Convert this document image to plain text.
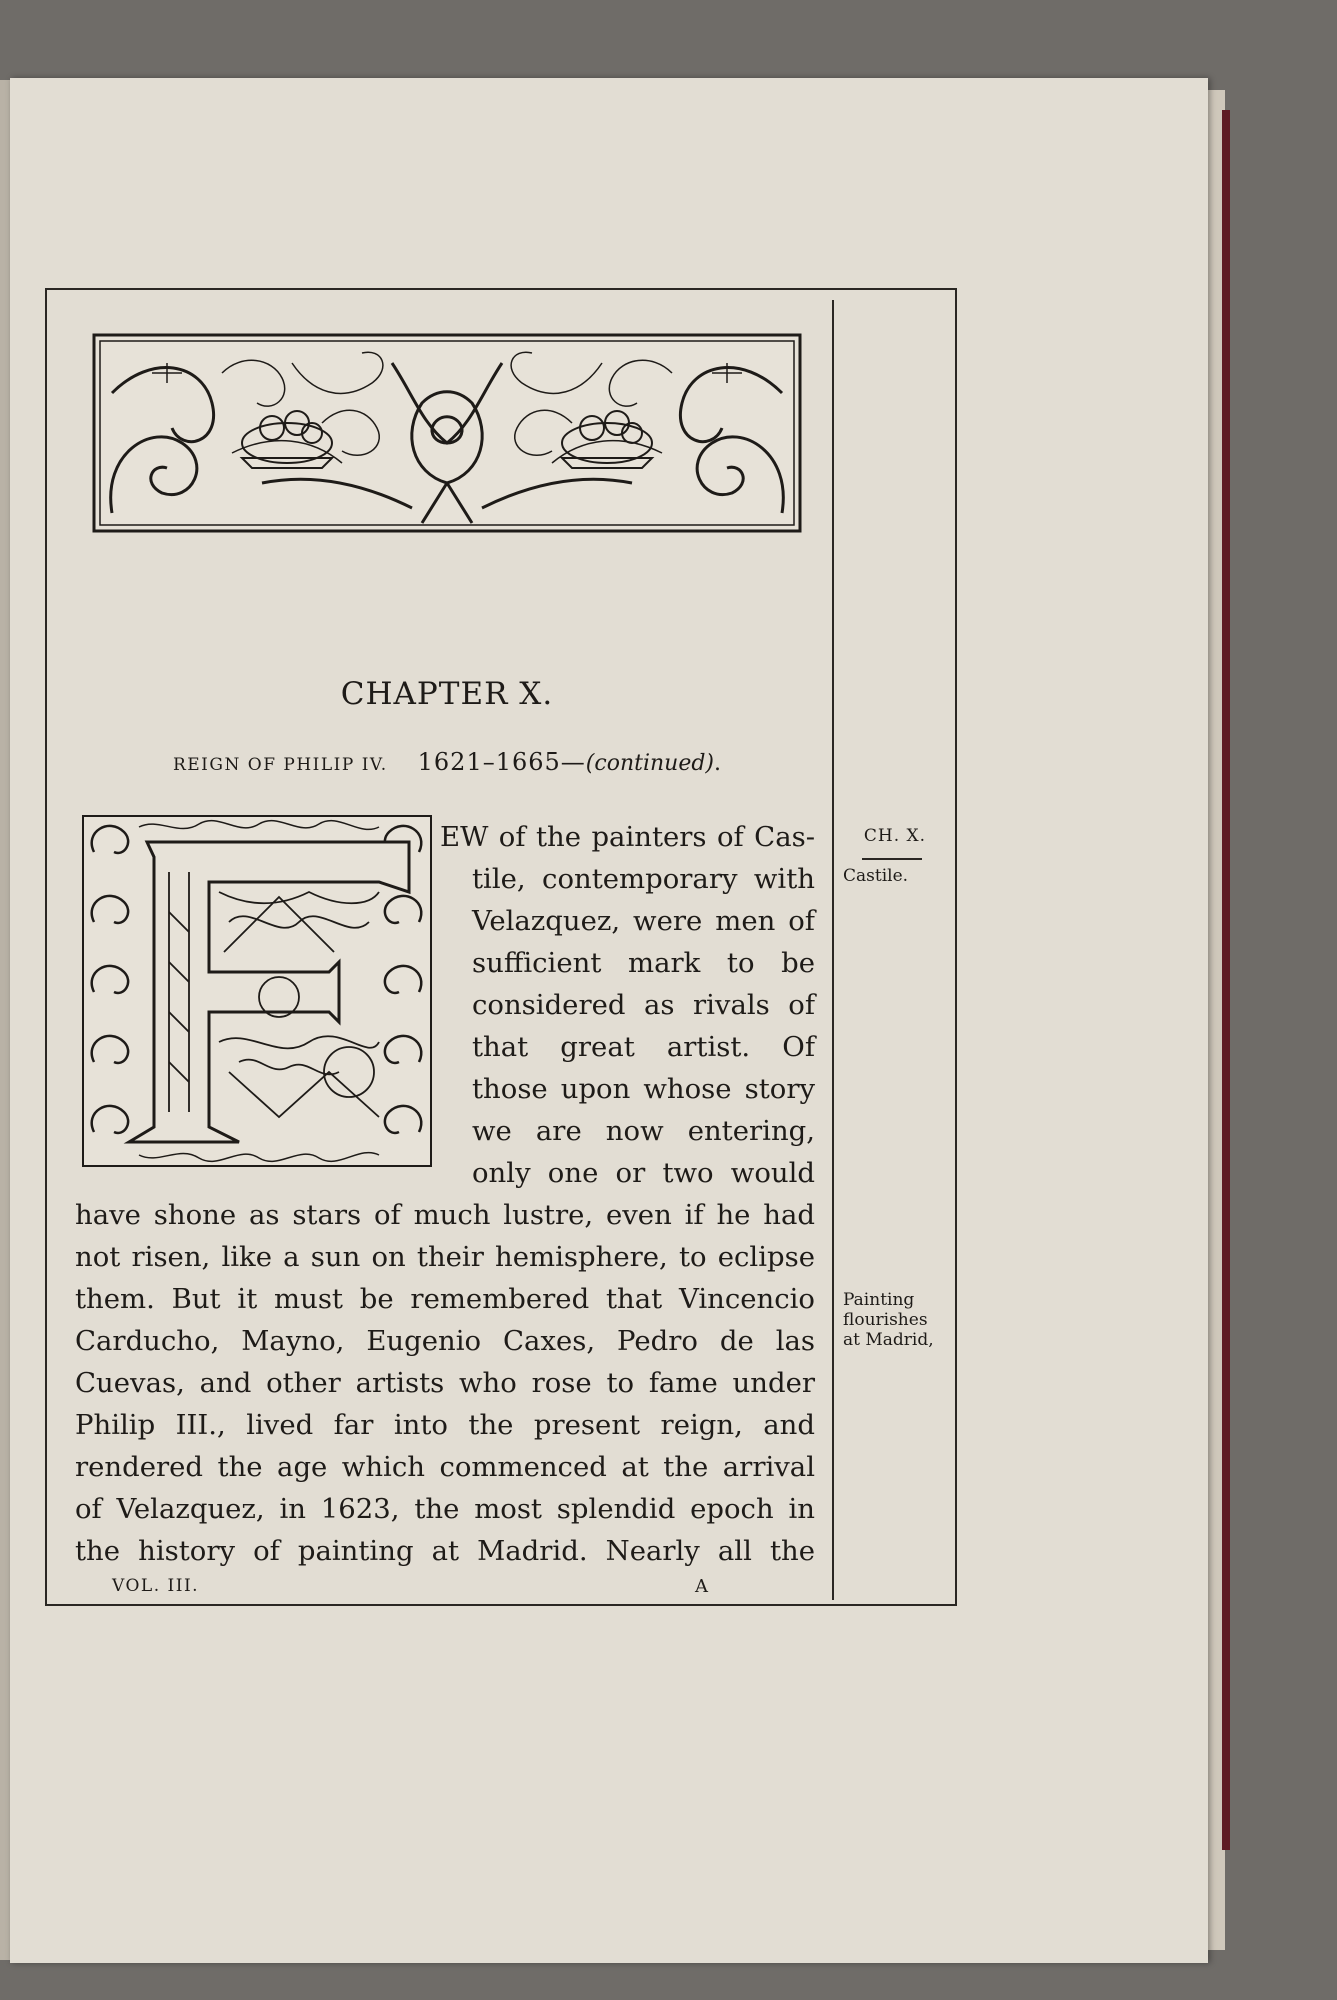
CHAPTER X.
REIGN OF PHILIP IV. 1621–1665—(continued).
EW of the painters of Cas-
tile, contemporary with
Velazquez, were men of
sufficient mark to be
considered as rivals of
that great artist. Of
those upon whose story
we are now entering,
only one or two would
have shone as stars of much lustre, even if he had
not risen, like a sun on their hemisphere, to eclipse
them. But it must be remembered that Vincencio
Carducho, Mayno, Eugenio Caxes, Pedro de las
Cuevas, and other artists who rose to fame under
Philip III., lived far into the present reign, and
rendered the age which commenced at the arrival
of Velazquez, in 1623, the most splendid epoch in
the history of painting at Madrid. Nearly all the
VOL. III.	A
CH. X.
Castile.
Painting
flourishes
at Madrid,
